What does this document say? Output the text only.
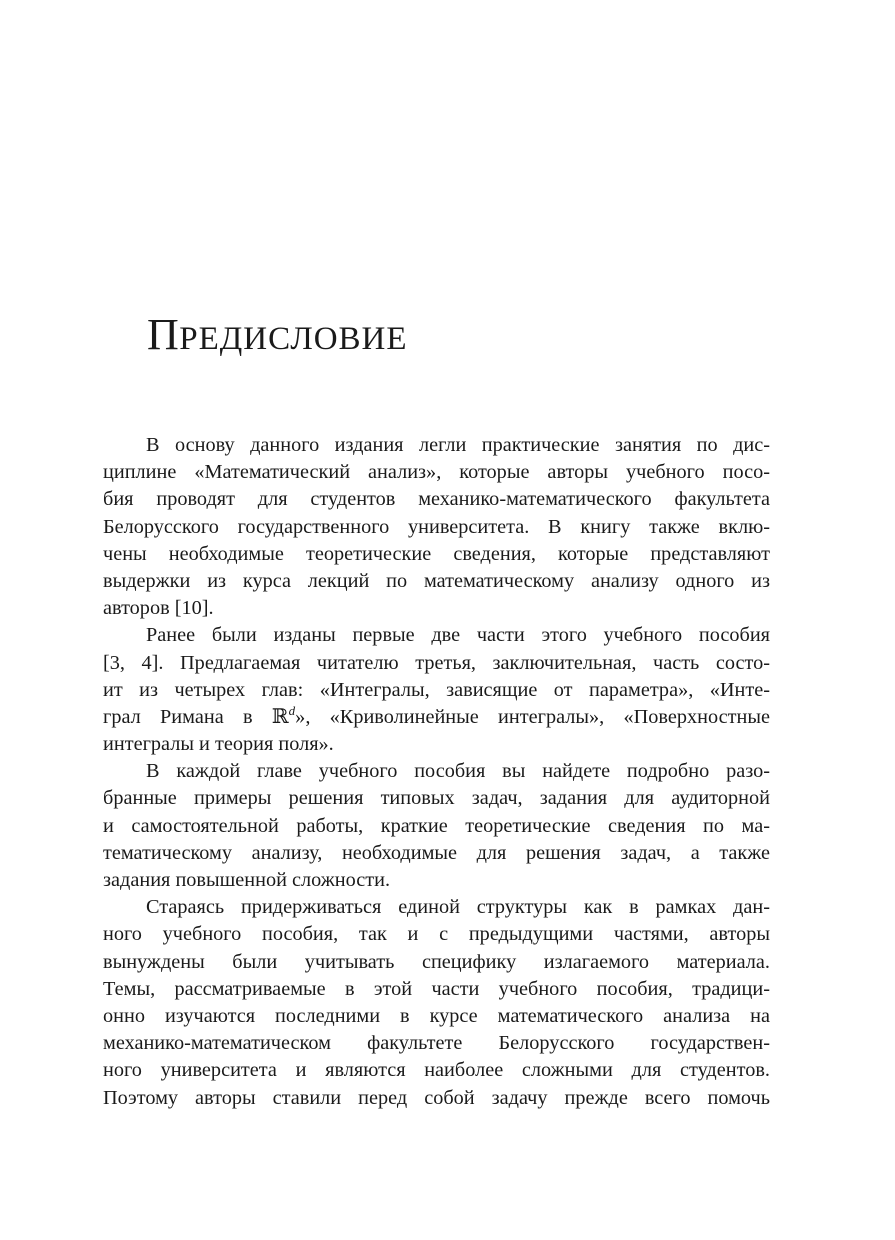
ПРЕДИСЛОВИЕ

В основу данного издания легли практические занятия по дис-
циплине «Математический анализ», которые авторы учебного посо-
бия проводят для студентов механико-математического факультета
Белорусского государственного университета. В книгу также вклю-
чены необходимые теоретические сведения, которые представляют
выдержки из курса лекций по математическому анализу одного из
авторов [10].

Ранее были изданы первые две части этого учебного пособия
[3, 4]. Предлагаемая читателю третья, заключительная, часть состо-
ит из четырех глав: «Интегралы, зависящие от параметра», «Инте-
грал Римана в ℝ$^d$», «Криволинейные интегралы», «Поверхностные
интегралы и теория поля».

В каждой главе учебного пособия вы найдете подробно разо-
бранные примеры решения типовых задач, задания для аудиторной
и самостоятельной работы, краткие теоретические сведения по ма-
тематическому анализу, необходимые для решения задач, а также
задания повышенной сложности.

Стараясь придерживаться единой структуры как в рамках дан-
ного учебного пособия, так и с предыдущими частями, авторы
вынуждены были учитывать специфику излагаемого материала.
Темы, рассматриваемые в этой части учебного пособия, традици-
онно изучаются последними в курсе математического анализа на
механико-математическом факультете Белорусского государствен-
ного университета и являются наиболее сложными для студентов.
Поэтому авторы ставили перед собой задачу прежде всего помочь
